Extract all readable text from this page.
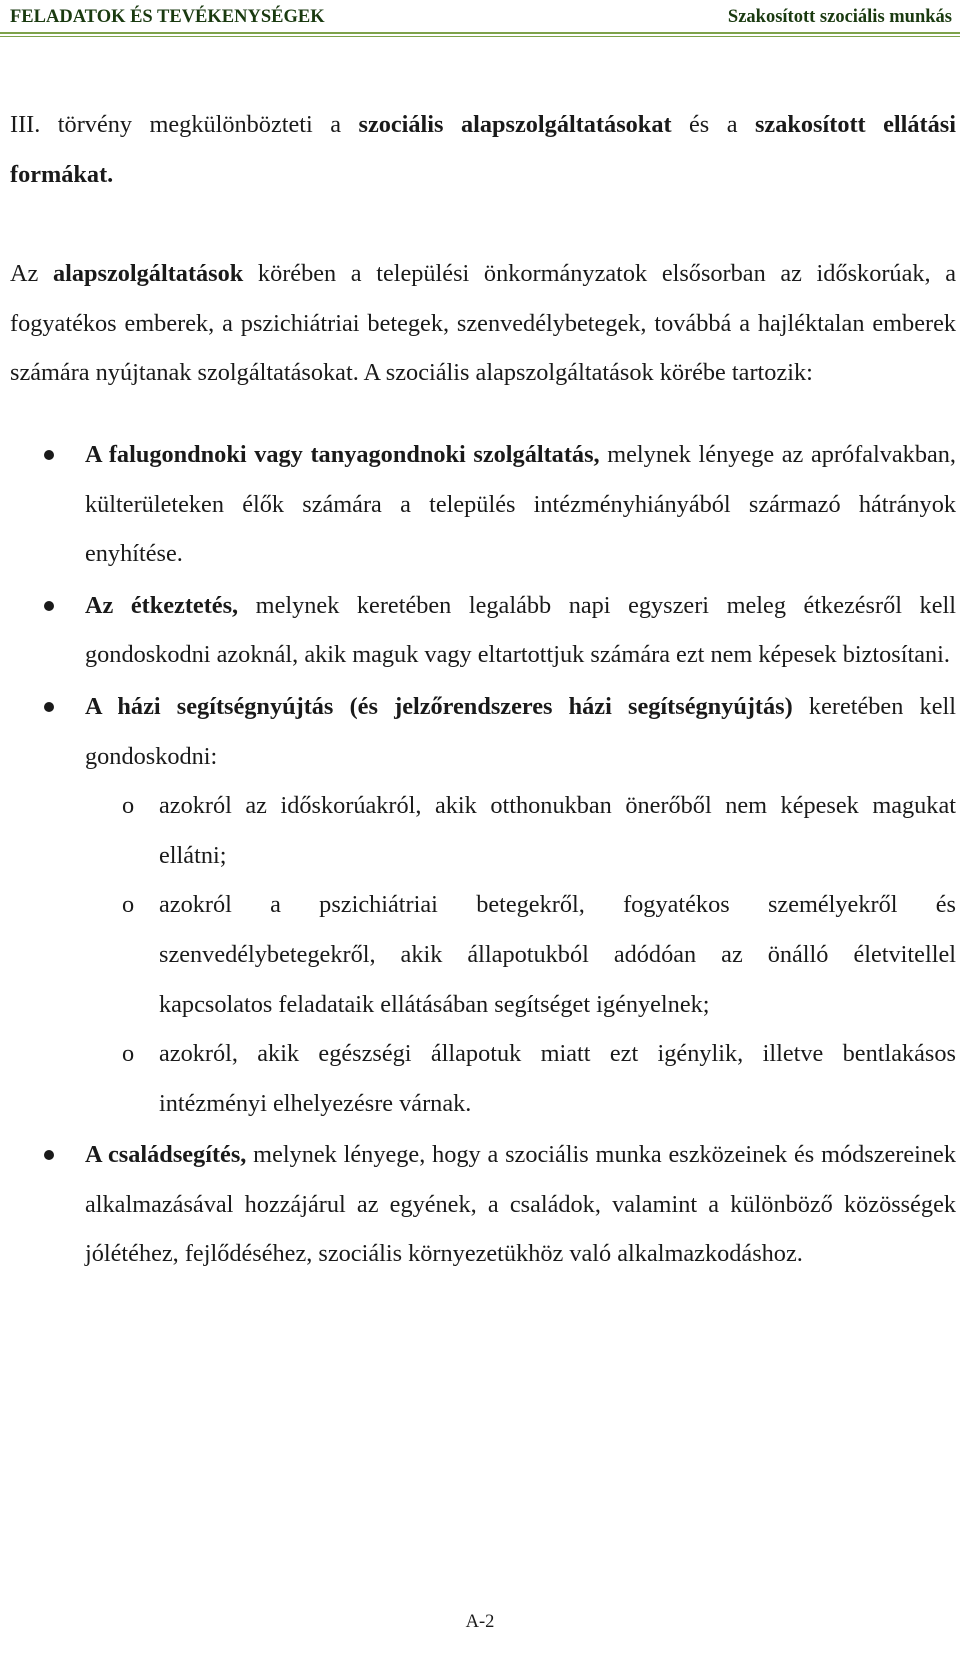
FELADATOK ÉS TEVÉKENYSÉGEK	Szakosított szociális munkás

III. törvény megkülönbözteti a szociális alapszolgáltatásokat és a szakosított ellátási formákat.

Az alapszolgáltatások körében a települési önkormányzatok elsősorban az időskorúak, a fogyatékos emberek, a pszichiátriai betegek, szenvedélybetegek, továbbá a hajléktalan emberek számára nyújtanak szolgáltatásokat. A szociális alapszolgáltatások körébe tartozik:

A falugondnoki vagy tanyagondnoki szolgáltatás, melynek lényege az aprófalvakban, külterületeken élők számára a település intézményhiányából származó hátrányok enyhítése.

Az étkeztetés, melynek keretében legalább napi egyszeri meleg étkezésről kell gondoskodni azoknál, akik maguk vagy eltartottjuk számára ezt nem képesek biztosítani.

A házi segítségnyújtás (és jelzőrendszeres házi segítségnyújtás) keretében kell gondoskodni:

o azokról az időskorúakról, akik otthonukban önerőből nem képesek magukat ellátni;

o azokról a pszichiátriai betegekről, fogyatékos személyekről és szenvedélybetegekről, akik állapotukból adódóan az önálló életvitellel kapcsolatos feladataik ellátásában segítséget igényelnek;

o azokról, akik egészségi állapotuk miatt ezt igénylik, illetve bentlakásos intézményi elhelyezésre várnak.

A családsegítés, melynek lényege, hogy a szociális munka eszközeinek és módszereinek alkalmazásával hozzájárul az egyének, a családok, valamint a különböző közösségek jólétéhez, fejlődéséhez, szociális környezetükhöz való alkalmazkodáshoz.

A-2
